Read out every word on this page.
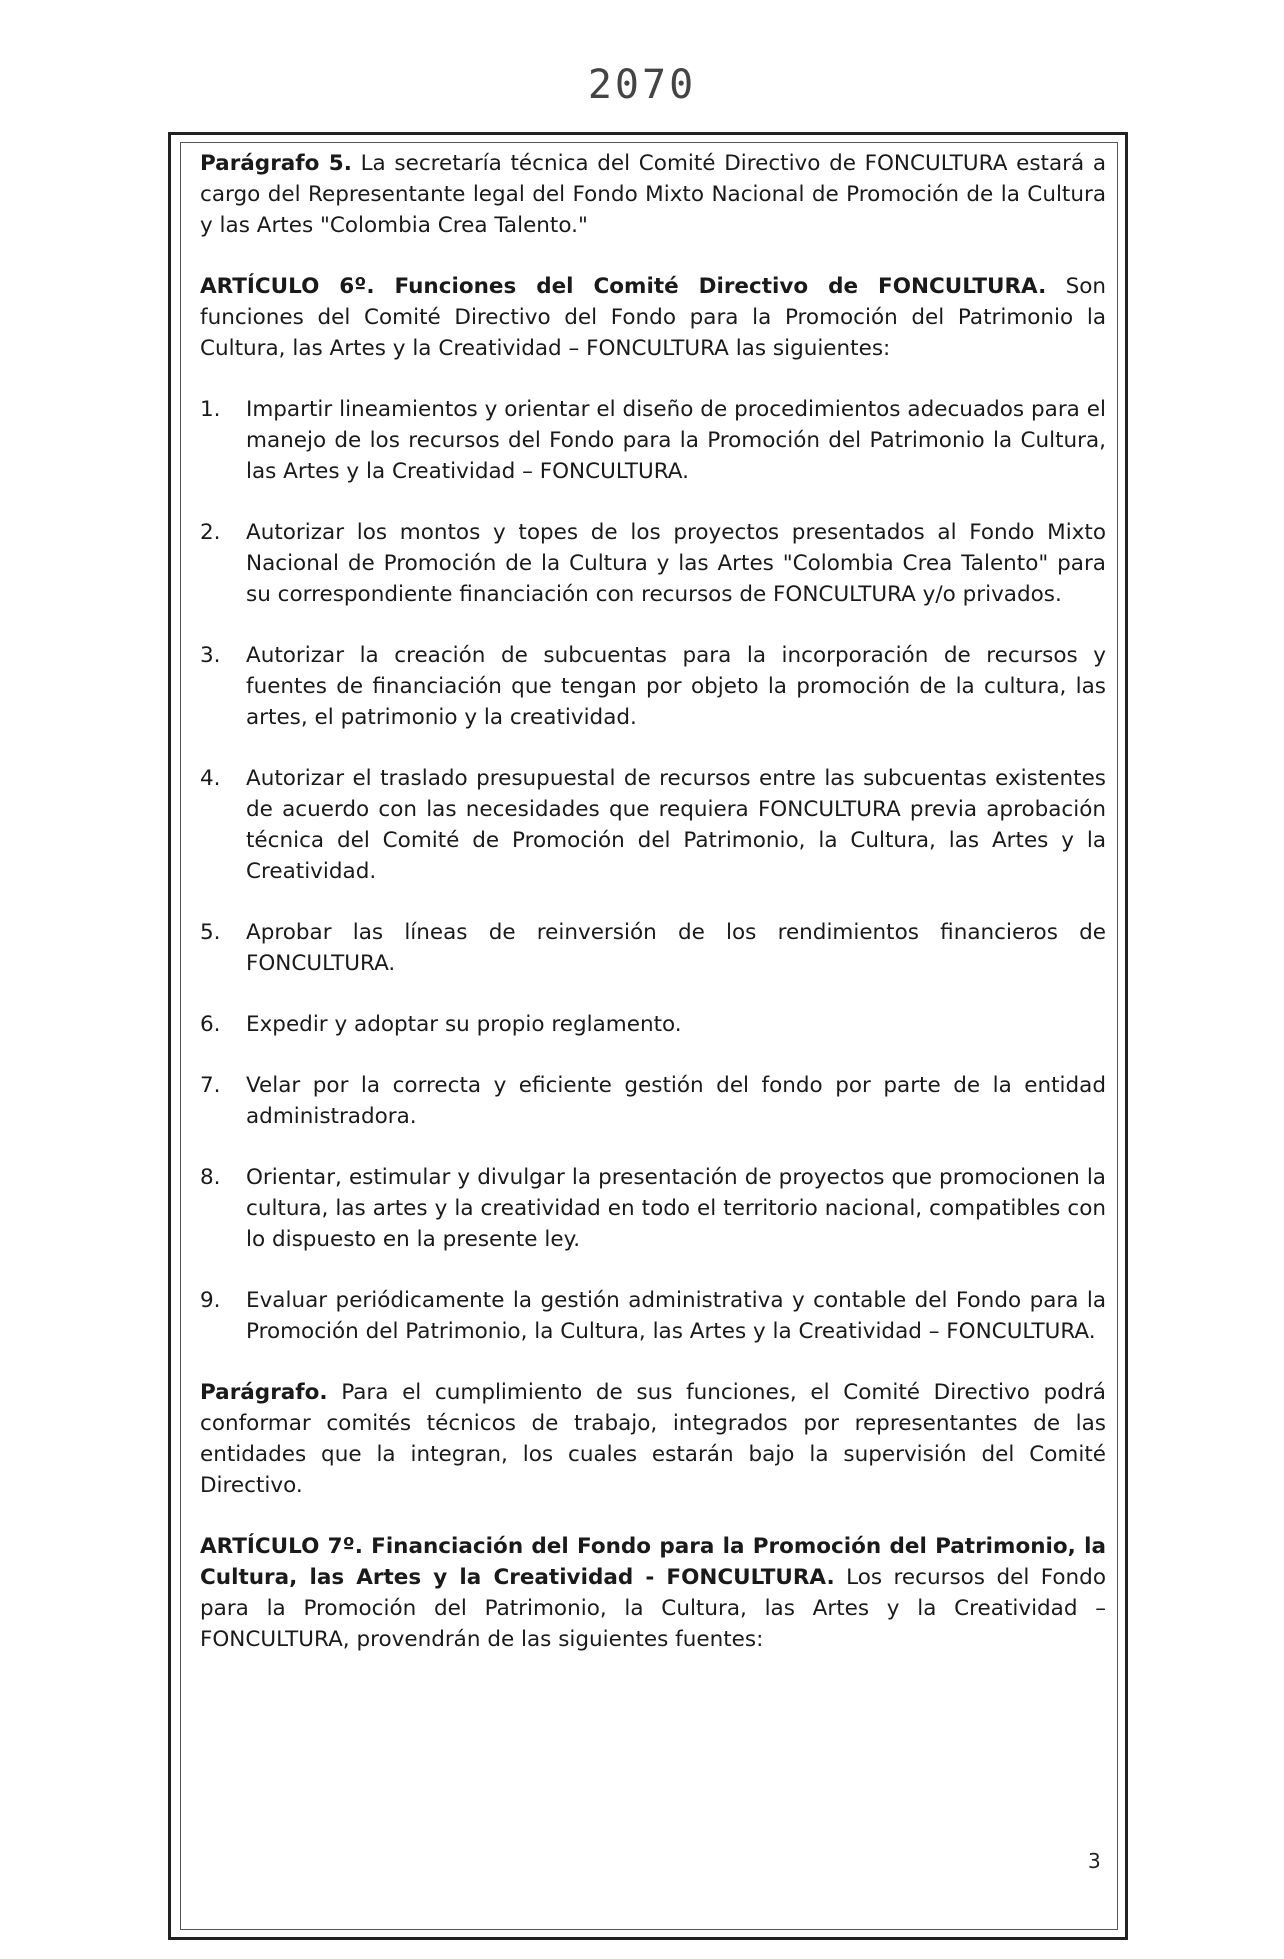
2070

Parágrafo 5. La secretaría técnica del Comité Directivo de FONCULTURA estará a cargo del Representante legal del Fondo Mixto Nacional de Promoción de la Cultura y las Artes "Colombia Crea Talento."

ARTÍCULO 6º. Funciones del Comité Directivo de FONCULTURA. Son funciones del Comité Directivo del Fondo para la Promoción del Patrimonio la Cultura, las Artes y la Creatividad – FONCULTURA las siguientes:

1.	Impartir lineamientos y orientar el diseño de procedimientos adecuados para el manejo de los recursos del Fondo para la Promoción del Patrimonio la Cultura, las Artes y la Creatividad – FONCULTURA.
2.	Autorizar los montos y topes de los proyectos presentados al Fondo Mixto Nacional de Promoción de la Cultura y las Artes "Colombia Crea Talento" para su correspondiente financiación con recursos de FONCULTURA y/o privados.
3.	Autorizar la creación de subcuentas para la incorporación de recursos y fuentes de financiación que tengan por objeto la promoción de la cultura, las artes, el patrimonio y la creatividad.
4.	Autorizar el traslado presupuestal de recursos entre las subcuentas existentes de acuerdo con las necesidades que requiera FONCULTURA previa aprobación técnica del Comité de Promoción del Patrimonio, la Cultura, las Artes y la Creatividad.
5.	Aprobar las líneas de reinversión de los rendimientos financieros de FONCULTURA.
6.	Expedir y adoptar su propio reglamento.
7.	Velar por la correcta y eficiente gestión del fondo por parte de la entidad administradora.
8.	Orientar, estimular y divulgar la presentación de proyectos que promocionen la cultura, las artes y la creatividad en todo el territorio nacional, compatibles con lo dispuesto en la presente ley.
9.	Evaluar periódicamente la gestión administrativa y contable del Fondo para la Promoción del Patrimonio, la Cultura, las Artes y la Creatividad – FONCULTURA.

Parágrafo. Para el cumplimiento de sus funciones, el Comité Directivo podrá conformar comités técnicos de trabajo, integrados por representantes de las entidades que la integran, los cuales estarán bajo la supervisión del Comité Directivo.

ARTÍCULO 7º. Financiación del Fondo para la Promoción del Patrimonio, la Cultura, las Artes y la Creatividad - FONCULTURA. Los recursos del Fondo para la Promoción del Patrimonio, la Cultura, las Artes y la Creatividad – FONCULTURA, provendrán de las siguientes fuentes:

3
